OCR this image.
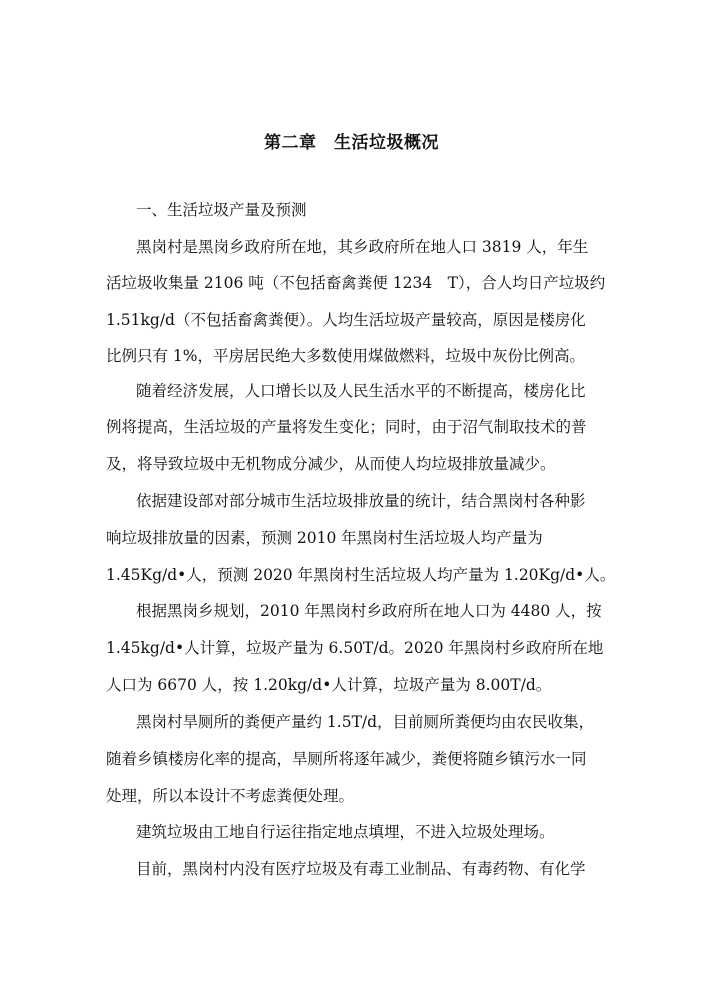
第二章　生活垃圾概况
一、生活垃圾产量及预测
黑岗村是黑岗乡政府所在地，其乡政府所在地人口 3819 人，年生
活垃圾收集量 2106 吨（不包括畜禽粪便 1234　T），合人均日产垃圾约
1.51kg/d（不包括畜禽粪便）。人均生活垃圾产量较高，原因是楼房化
比例只有 1%，平房居民绝大多数使用煤做燃料，垃圾中灰份比例高。
随着经济发展，人口增长以及人民生活水平的不断提高，楼房化比
例将提高，生活垃圾的产量将发生变化；同时，由于沼气制取技术的普
及，将导致垃圾中无机物成分减少，从而使人均垃圾排放量减少。
依据建设部对部分城市生活垃圾排放量的统计，结合黑岗村各种影
响垃圾排放量的因素，预测 2010 年黑岗村生活垃圾人均产量为
1.45Kg/d•人，预测 2020 年黑岗村生活垃圾人均产量为 1.20Kg/d•人。
根据黑岗乡规划，2010 年黑岗村乡政府所在地人口为 4480 人，按
1.45kg/d•人计算，垃圾产量为 6.50T/d。2020 年黑岗村乡政府所在地
人口为 6670 人，按 1.20kg/d•人计算，垃圾产量为 8.00T/d。
黑岗村旱厕所的粪便产量约 1.5T/d，目前厕所粪便均由农民收集，
随着乡镇楼房化率的提高，旱厕所将逐年减少，粪便将随乡镇污水一同
处理，所以本设计不考虑粪便处理。
建筑垃圾由工地自行运往指定地点填埋，不进入垃圾处理场。
目前，黑岗村内没有医疗垃圾及有毒工业制品、有毒药物、有化学
